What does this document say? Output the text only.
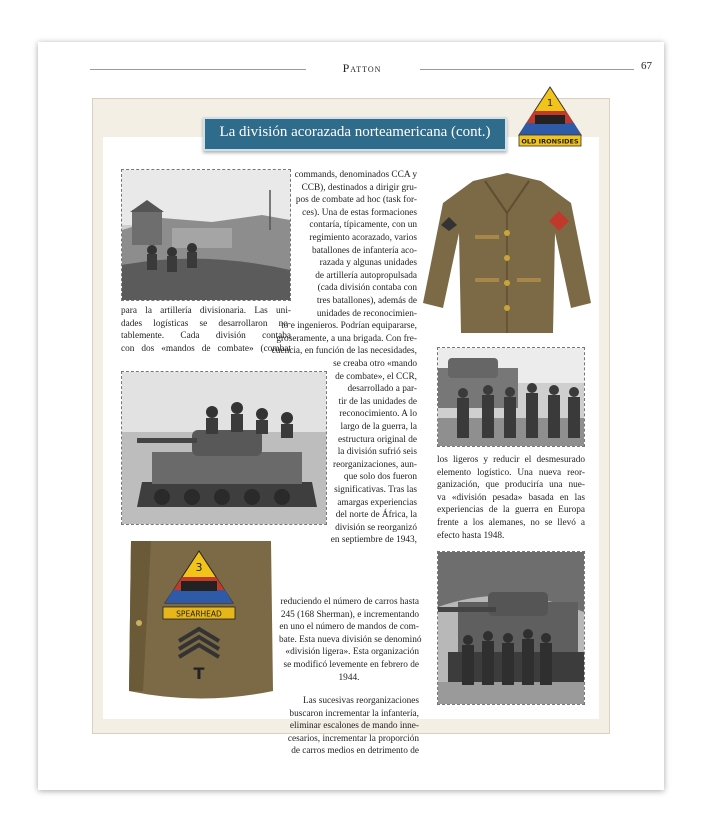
Patton	67
La división acorazada norteamericana (cont.)
para la artillería divisionaria. Las uni-
dades logísticas se desarrollaron no-
tablemente. Cada división contaba
con dos «mandos de combate» (combat
commands, denominados CCA y
CCB), destinados a dirigir gru-
pos de combate ad hoc (task for-
ces). Una de estas formaciones
contaría, típicamente, con un
regimiento acorazado, varios
batallones de infantería aco-
razada y algunas unidades
de artillería autopropulsada
(cada división contaba con
tres batallones), además de
unidades de reconocimien-
to e ingenieros. Podrían equipararse,
groseramente, a una brigada. Con fre-
cuencia, en función de las necesidades,
se creaba otro «mando
de combate», el CCR,
desarrollado a par-
tir de las unidades de
reconocimiento. A lo
largo de la guerra, la
estructura original de
la división sufrió seis
reorganizaciones, aun-
que solo dos fueron
significativas. Tras las
amargas experiencias
del norte de África, la
división se reorganizó
en septiembre de 1943,
3
SPEARHEAD
T
reduciendo el número de carros hasta
245 (168 Sherman), e incrementando
en uno el número de mandos de com-
bate. Esta nueva división se denominó
«división ligera». Esta organización
se modificó levemente en febrero de
1944.
Las sucesivas reorganizaciones
buscaron incrementar la infantería,
eliminar escalones de mando inne-
cesarios, incrementar la proporción
de carros medios en detrimento de
los ligeros y reducir el desmesurado
elemento logístico. Una nueva reor-
ganización, que produciría una nue-
va «división pesada» basada en las
experiencias de la guerra en Europa
frente a los alemanes, no se llevó a
efecto hasta 1948.
1
OLD IRONSIDES
